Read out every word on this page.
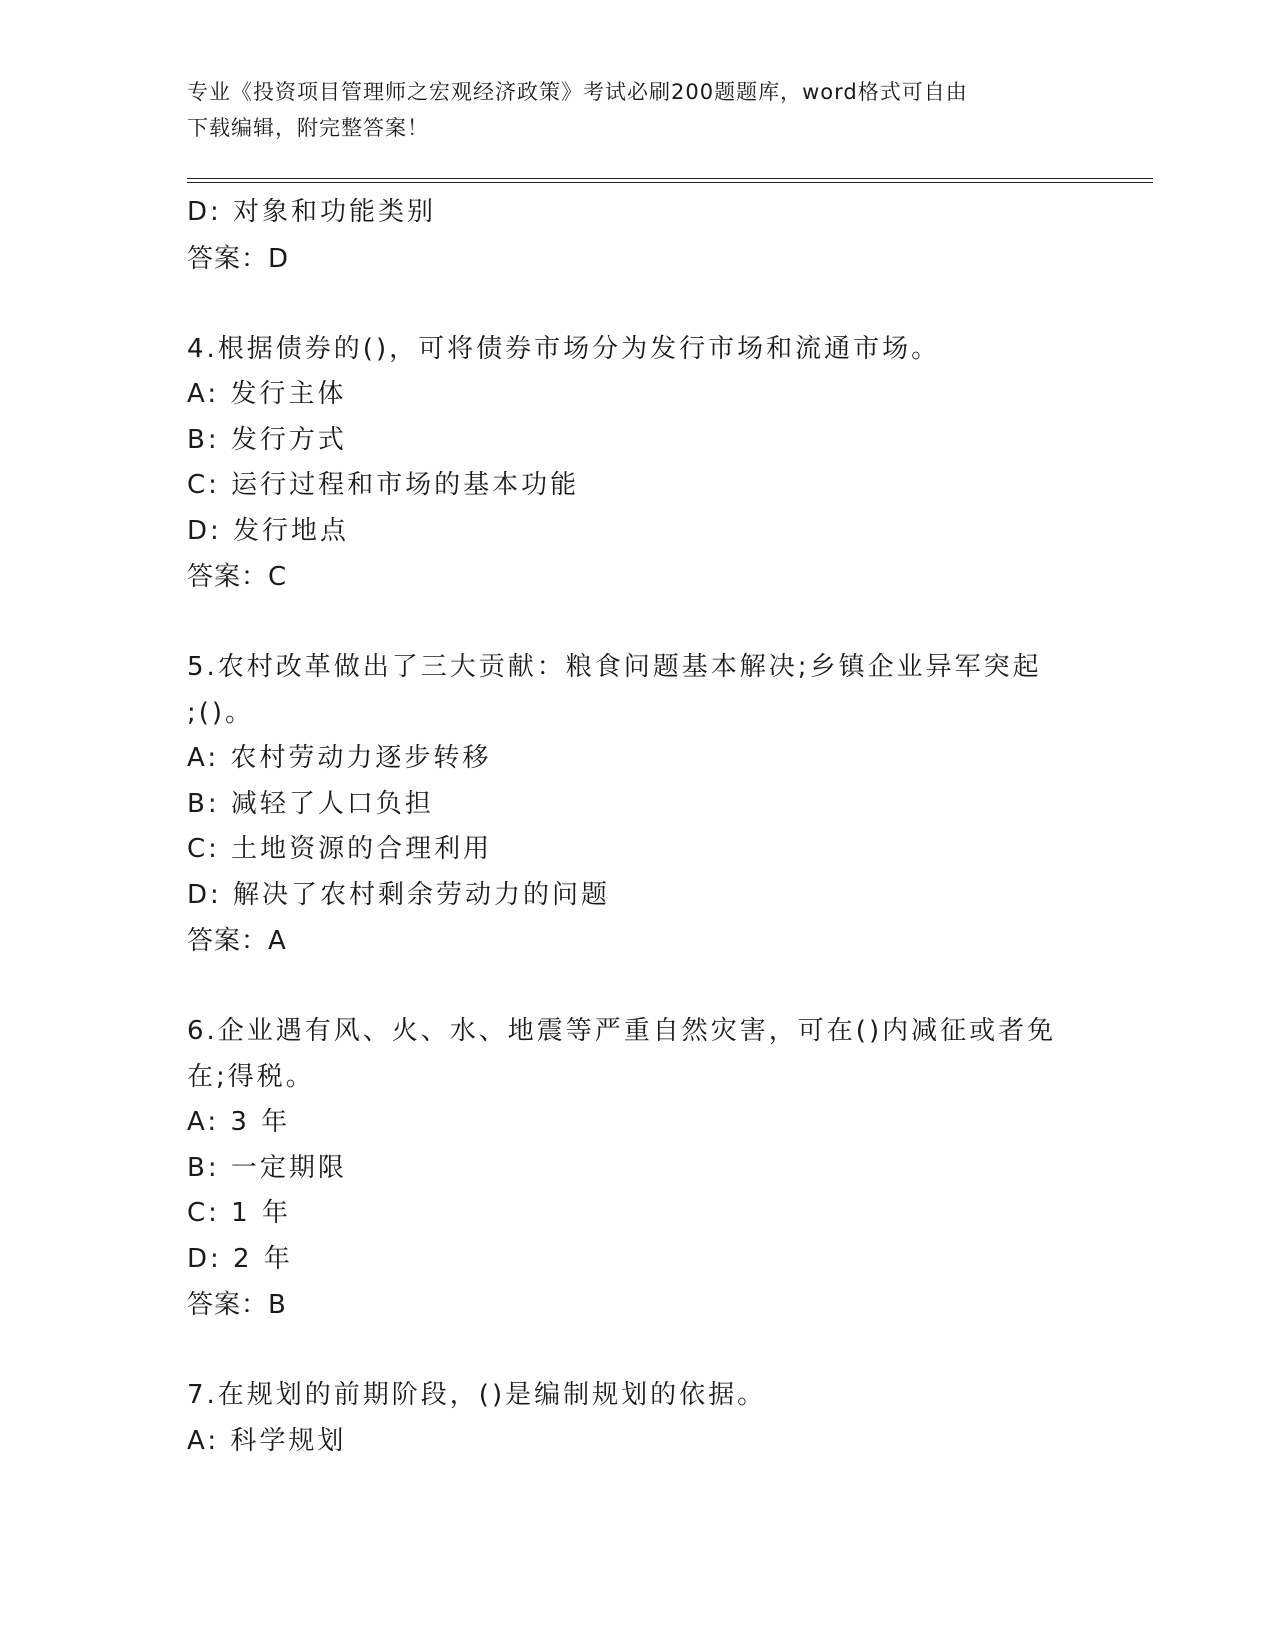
专业《投资项目管理师之宏观经济政策》考试必刷200题题库，word格式可自由
下载编辑，附完整答案！
D: 对象和功能类别
答案：D
4.根据债券的()，可将债券市场分为发行市场和流通市场。
A: 发行主体
B: 发行方式
C: 运行过程和市场的基本功能
D: 发行地点
答案：C
5.农村改革做出了三大贡献：粮食问题基本解决;乡镇企业异军突起
;()。
A: 农村劳动力逐步转移
B: 减轻了人口负担
C: 土地资源的合理利用
D: 解决了农村剩余劳动力的问题
答案：A
6.企业遇有风、火、水、地震等严重自然灾害，可在()内减征或者免
在;得税。
A: 3 年
B: 一定期限
C: 1 年
D: 2 年
答案：B
7.在规划的前期阶段，()是编制规划的依据。
A: 科学规划
